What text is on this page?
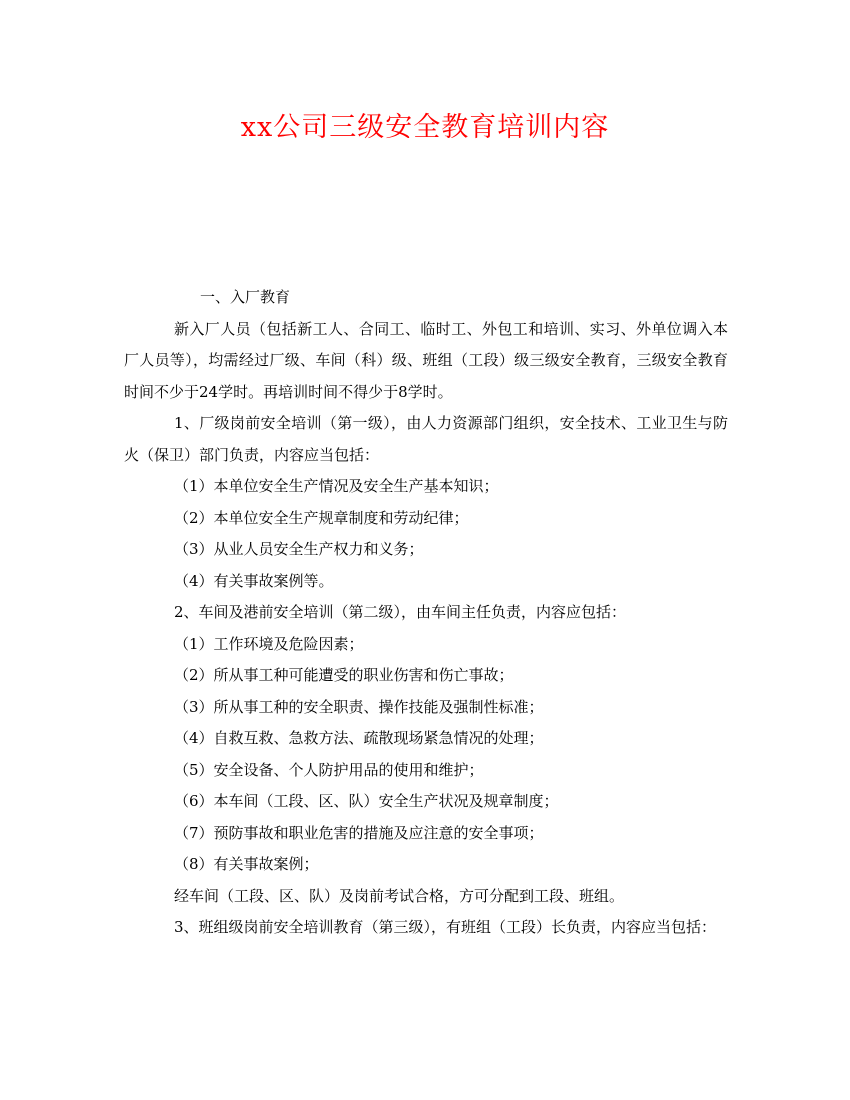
xx公司三级安全教育培训内容

一、入厂教育

新入厂人员（包括新工人、合同工、临时工、外包工和培训、实习、外单位调入本厂人员等），均需经过厂级、车间（科）级、班组（工段）级三级安全教育，三级安全教育时间不少于24学时。再培训时间不得少于8学时。

1、厂级岗前安全培训（第一级），由人力资源部门组织，安全技术、工业卫生与防火（保卫）部门负责，内容应当包括：

（1）本单位安全生产情况及安全生产基本知识；

（2）本单位安全生产规章制度和劳动纪律；

（3）从业人员安全生产权力和义务；

（4）有关事故案例等。

2、车间及港前安全培训（第二级），由车间主任负责，内容应包括：

（1）工作环境及危险因素；

（2）所从事工种可能遭受的职业伤害和伤亡事故；

（3）所从事工种的安全职责、操作技能及强制性标准；

（4）自救互救、急救方法、疏散现场紧急情况的处理；

（5）安全设备、个人防护用品的使用和维护；

（6）本车间（工段、区、队）安全生产状况及规章制度；

（7）预防事故和职业危害的措施及应注意的安全事项；

（8）有关事故案例；

经车间（工段、区、队）及岗前考试合格，方可分配到工段、班组。

3、班组级岗前安全培训教育（第三级），有班组（工段）长负责，内容应当包括：
